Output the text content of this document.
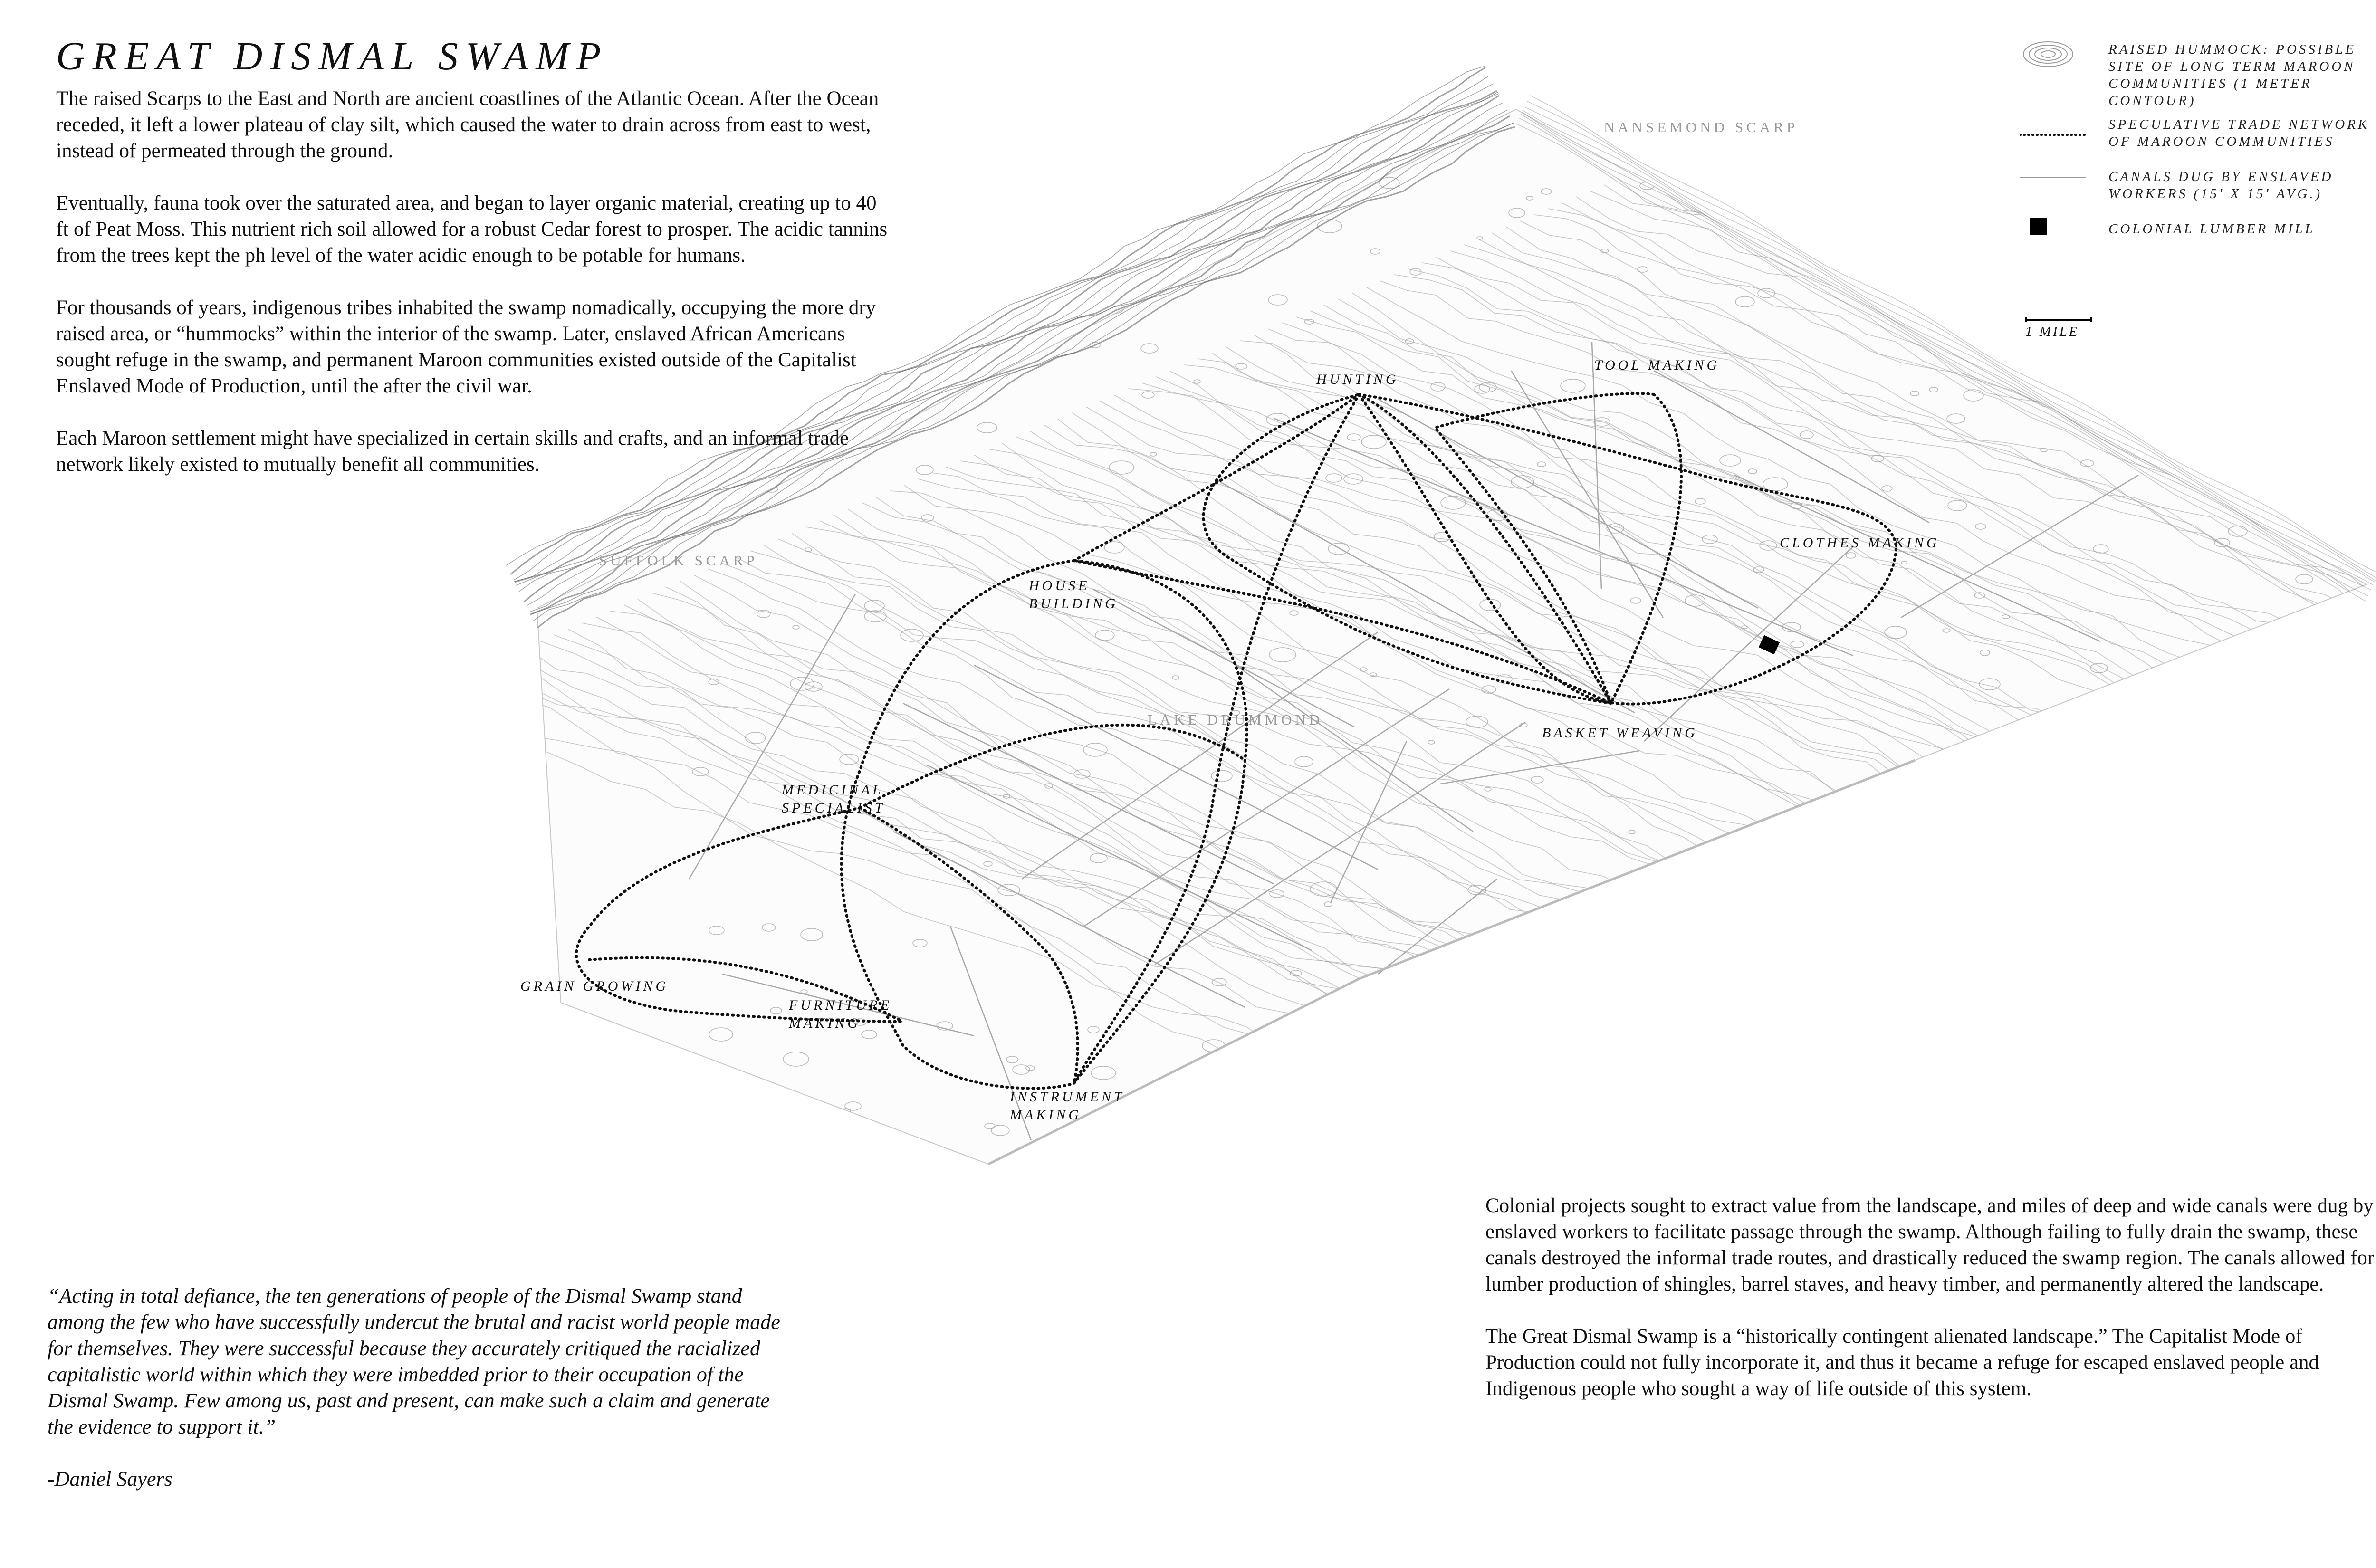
NANSEMOND SCARP
SUFFOLK SCARP
LAKE DRUMMOND
HUNTING
TOOL MAKING
CLOTHES MAKING
HOUSE
BUILDING
BASKET WEAVING
MEDICINAL
SPECIALIST
GRAIN GROWING
FURNITURE
MAKING
INSTRUMENT
MAKING
GREAT DISMAL SWAMP

The raised Scarps to the East and North are ancient coastlines of the Atlantic Ocean. After the Ocean receded, it left a lower plateau of clay silt, which caused the water to drain across from east to west, instead of permeated through the ground.

Eventually, fauna took over the saturated area, and began to layer organic material, creating up to 40 ft of Peat Moss. This nutrient rich soil allowed for a robust Cedar forest to prosper. The acidic tannins from the trees kept the ph level of the water acidic enough to be potable for humans.

For thousands of years, indigenous tribes inhabited the swamp nomadically, occupying the more dry raised area, or “hummocks” within the interior of the swamp. Later, enslaved African Americans sought refuge in the swamp, and permanent Maroon communities existed outside of the Capitalist Enslaved Mode of Production, until the after the civil war.

Each Maroon settlement might have specialized in certain skills and crafts, and an informal trade network likely existed to mutually benefit all communities.

RAISED HUMMOCK: POSSIBLE SITE OF LONG TERM MAROON COMMUNITIES (1 METER CONTOUR)
SPECULATIVE TRADE NETWORK OF MAROON COMMUNITIES
CANALS DUG BY ENSLAVED WORKERS (15' X 15' AVG.)
COLONIAL LUMBER MILL
1 MILE

Colonial projects sought to extract value from the landscape, and miles of deep and wide canals were dug by enslaved workers to facilitate passage through the swamp. Although failing to fully drain the swamp, these canals destroyed the informal trade routes, and drastically reduced the swamp region. The canals allowed for lumber production of shingles, barrel staves, and heavy timber, and permanently altered the landscape.

The Great Dismal Swamp is a “historically contingent alienated landscape.” The Capitalist Mode of Production could not fully incorporate it, and thus it became a refuge for escaped enslaved people and Indigenous people who sought a way of life outside of this system.

“Acting in total defiance, the ten generations of people of the Dismal Swamp stand among the few who have successfully undercut the brutal and racist world people made for themselves. They were successful because they accurately critiqued the racialized capitalistic world within which they were imbedded prior to their occupation of the Dismal Swamp. Few among us, past and present, can make such a claim and generate the evidence to support it.”

-Daniel Sayers
